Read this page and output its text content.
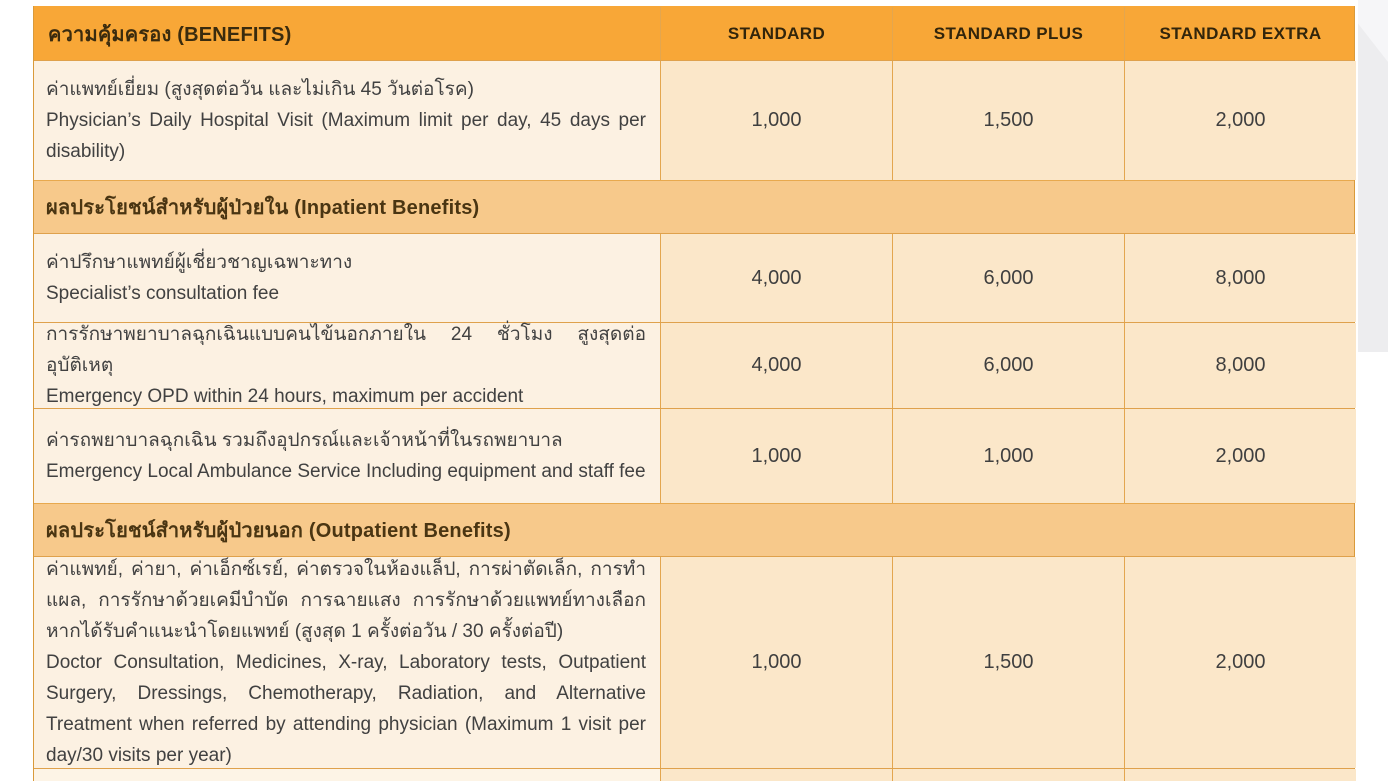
ความคุ้มครอง (BENEFITS)	STANDARD	STANDARD PLUS	STANDARD EXTRA
ค่าแพทย์เยี่ยม (สูงสุดต่อวัน และไม่เกิน 45 วันต่อโรค)
Physician’s Daily Hospital Visit (Maximum limit per day, 45 days per disability)
1,000	1,500	2,000
ผลประโยชน์สำหรับผู้ป่วยใน (Inpatient Benefits)
ค่าปรึกษาแพทย์ผู้เชี่ยวชาญเฉพาะทาง
Specialist’s consultation fee
4,000	6,000	8,000
การรักษาพยาบาลฉุกเฉินแบบคนไข้นอกภายใน 24 ชั่วโมง สูงสุดต่ออุบัติเหตุ
Emergency OPD within 24 hours, maximum per accident
4,000	6,000	8,000
ค่ารถพยาบาลฉุกเฉิน รวมถึงอุปกรณ์และเจ้าหน้าที่ในรถพยาบาล
Emergency Local Ambulance Service Including equipment and staff fee
1,000	1,000	2,000
ผลประโยชน์สำหรับผู้ป่วยนอก (Outpatient Benefits)
ค่าแพทย์, ค่ายา, ค่าเอ็กซ์เรย์, ค่าตรวจในห้องแล็ป, การผ่าตัดเล็ก, การทำแผล, การรักษาด้วยเคมีบำบัด การฉายแสง การรักษาด้วยแพทย์ทางเลือก หากได้รับคำแนะนำโดยแพทย์ (สูงสุด 1 ครั้งต่อวัน / 30 ครั้งต่อปี)
Doctor Consultation, Medicines, X-ray, Laboratory tests, Outpatient Surgery, Dressings, Chemotherapy, Radiation, and Alternative Treatment when referred by attending physician (Maximum 1 visit per day/30 visits per year)
1,000	1,500	2,000
